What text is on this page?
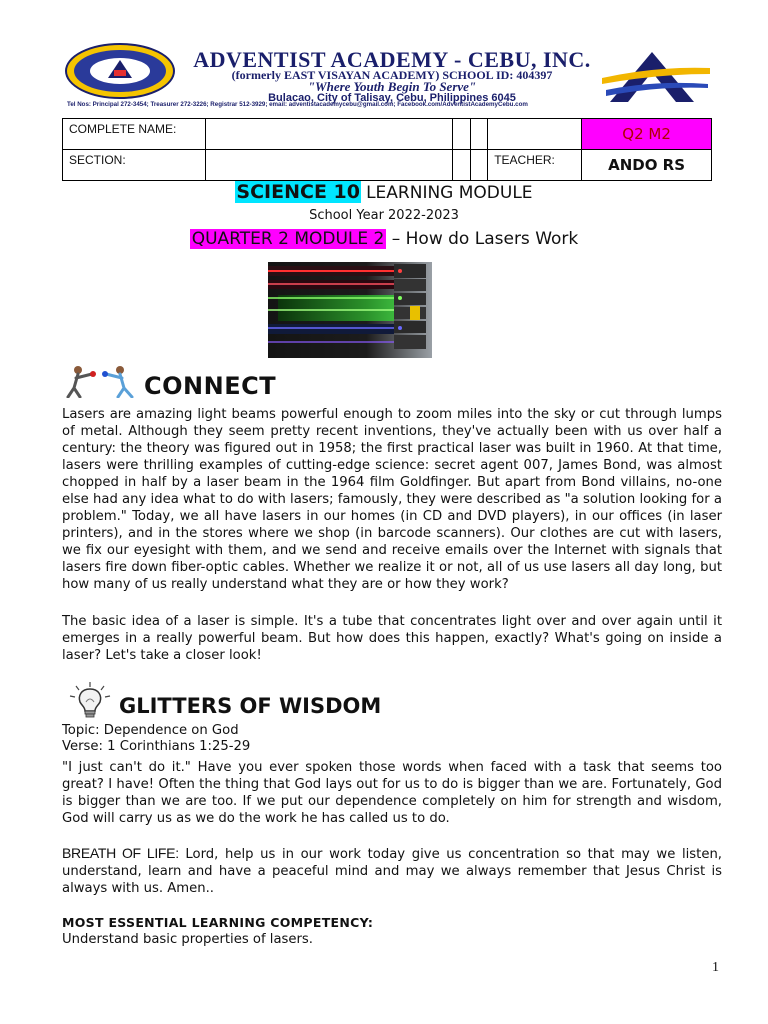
ADVENTIST ACADEMY - CEBU, INC.
(formerly EAST VISAYAN ACADEMY) SCHOOL ID: 404397
"Where Youth Begin To Serve"
Bulacao, City of Talisay, Cebu, Philippines 6045
Tel Nos: Principal 272-3454; Treasurer 272-3226; Registrar 512-3929; email: adventistacademycebu@gmail.com; Facebook.com/AdventistAcademyCebu.com
COMPLETE NAME:					Q2 M2
SECTION:				TEACHER:	ANDO RS
SCIENCE 10 LEARNING MODULE
School Year 2022-2023
QUARTER 2 MODULE 2 – How do Lasers Work
CONNECT
Lasers are amazing light beams powerful enough to zoom miles into the sky or cut through lumps of metal. Although they seem pretty recent inventions, they've actually been with us over half a century: the theory was figured out in 1958; the first practical laser was built in 1960. At that time, lasers were thrilling examples of cutting-edge science: secret agent 007, James Bond, was almost chopped in half by a laser beam in the 1964 film Goldfinger. But apart from Bond villains, no-one else had any idea what to do with lasers; famously, they were described as "a solution looking for a problem." Today, we all have lasers in our homes (in CD and DVD players), in our offices (in laser printers), and in the stores where we shop (in barcode scanners). Our clothes are cut with lasers, we fix our eyesight with them, and we send and receive emails over the Internet with signals that lasers fire down fiber-optic cables. Whether we realize it or not, all of us use lasers all day long, but how many of us really understand what they are or how they work?
The basic idea of a laser is simple. It's a tube that concentrates light over and over again until it emerges in a really powerful beam. But how does this happen, exactly? What's going on inside a laser? Let's take a closer look!
GLITTERS OF WISDOM
Topic: Dependence on God
Verse: 1 Corinthians 1:25-29
"I just can't do it." Have you ever spoken those words when faced with a task that seems too great? I have! Often the thing that God lays out for us to do is bigger than we are. Fortunately, God is bigger than we are too. If we put our dependence completely on him for strength and wisdom, God will carry us as we do the work he has called us to do.
BREATH OF LIFE: Lord, help us in our work today give us concentration so that may we listen, understand, learn and have a peaceful mind and may we always remember that Jesus Christ is always with us. Amen..
MOST ESSENTIAL LEARNING COMPETENCY:
Understand basic properties of lasers.
1
